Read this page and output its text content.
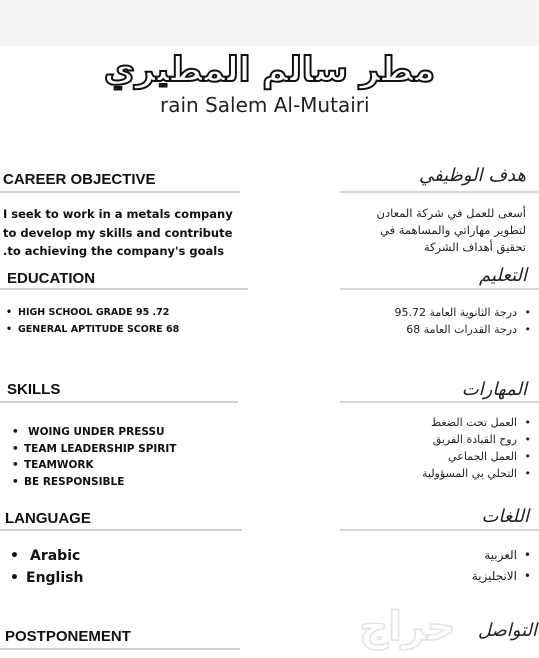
مطر سالم المطيري
rain Salem Al-Mutairi
CAREER OBJECTIVE	هدف الوظيفي
I seek to work in a metals company
to develop my skills and contribute
.to achieving the company's goals
أسعى للعمل في شركة المعادن
لتطوير مهاراتي والمساهمة في
تحقيق أهداف الشركة
EDUCATION	التعليم
• HIGH SCHOOL GRADE 95 .72
• GENERAL APTITUDE SCORE 68
• درجة الثانوية العامة 95.72
• درجة القدرات العامة 68
SKILLS	المهارات
• WOING UNDER PRESSU
• TEAM LEADERSHIP SPIRIT
• TEAMWORK
• BE RESPONSIBLE
• العمل تحت الضغط
• روح القيادة الفريق
• العمل الجماعي
• التحلي بي المسؤولية
LANGUAGE	اللغات
• Arabic
• English
• العربية
• الانجليزية
POSTPONEMENT	التواصل
حراج
